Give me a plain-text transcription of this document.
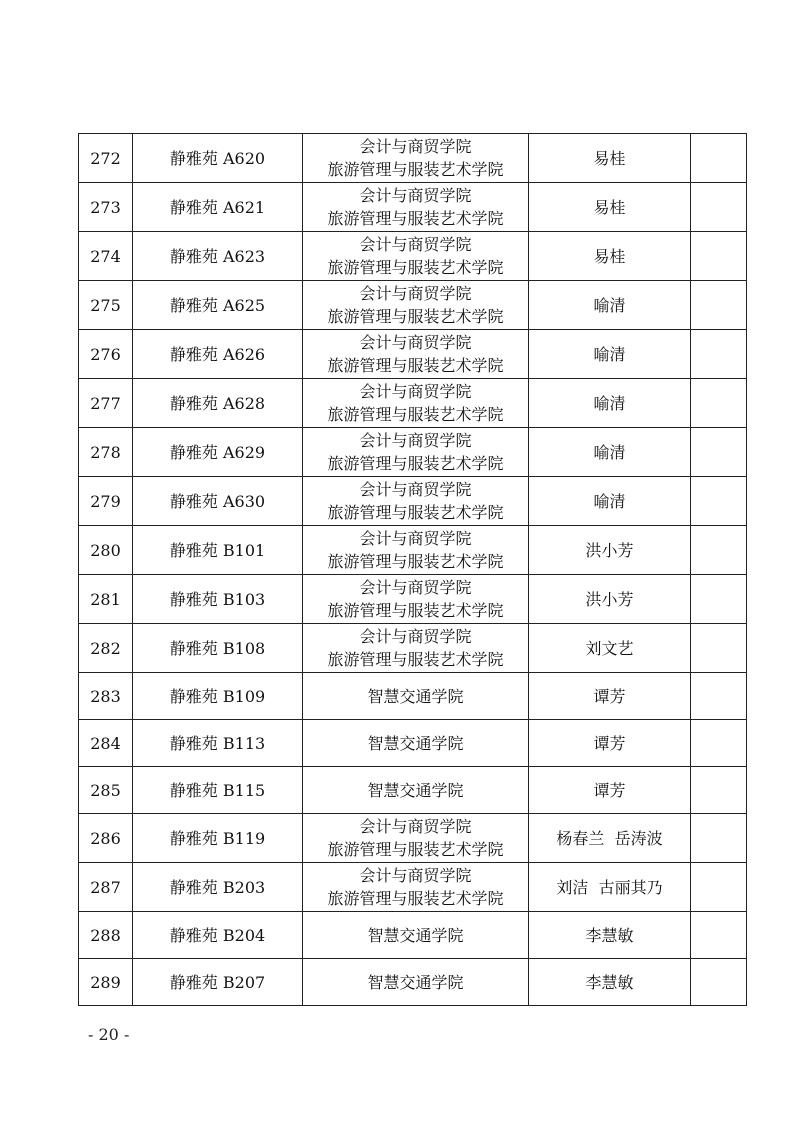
272	静雅苑 A620	会计与商贸学院
旅游管理与服装艺术学院	易桂	
273	静雅苑 A621	会计与商贸学院
旅游管理与服装艺术学院	易桂	
274	静雅苑 A623	会计与商贸学院
旅游管理与服装艺术学院	易桂	
275	静雅苑 A625	会计与商贸学院
旅游管理与服装艺术学院	喻清	
276	静雅苑 A626	会计与商贸学院
旅游管理与服装艺术学院	喻清	
277	静雅苑 A628	会计与商贸学院
旅游管理与服装艺术学院	喻清	
278	静雅苑 A629	会计与商贸学院
旅游管理与服装艺术学院	喻清	
279	静雅苑 A630	会计与商贸学院
旅游管理与服装艺术学院	喻清	
280	静雅苑 B101	会计与商贸学院
旅游管理与服装艺术学院	洪小芳	
281	静雅苑 B103	会计与商贸学院
旅游管理与服装艺术学院	洪小芳	
282	静雅苑 B108	会计与商贸学院
旅游管理与服装艺术学院	刘文艺	
283	静雅苑 B109	智慧交通学院	谭芳	
284	静雅苑 B113	智慧交通学院	谭芳	
285	静雅苑 B115	智慧交通学院	谭芳	
286	静雅苑 B119	会计与商贸学院
旅游管理与服装艺术学院	杨春兰  岳涛波	
287	静雅苑 B203	会计与商贸学院
旅游管理与服装艺术学院	刘洁  古丽其乃	
288	静雅苑 B204	智慧交通学院	李慧敏	
289	静雅苑 B207	智慧交通学院	李慧敏	
- 20 -
